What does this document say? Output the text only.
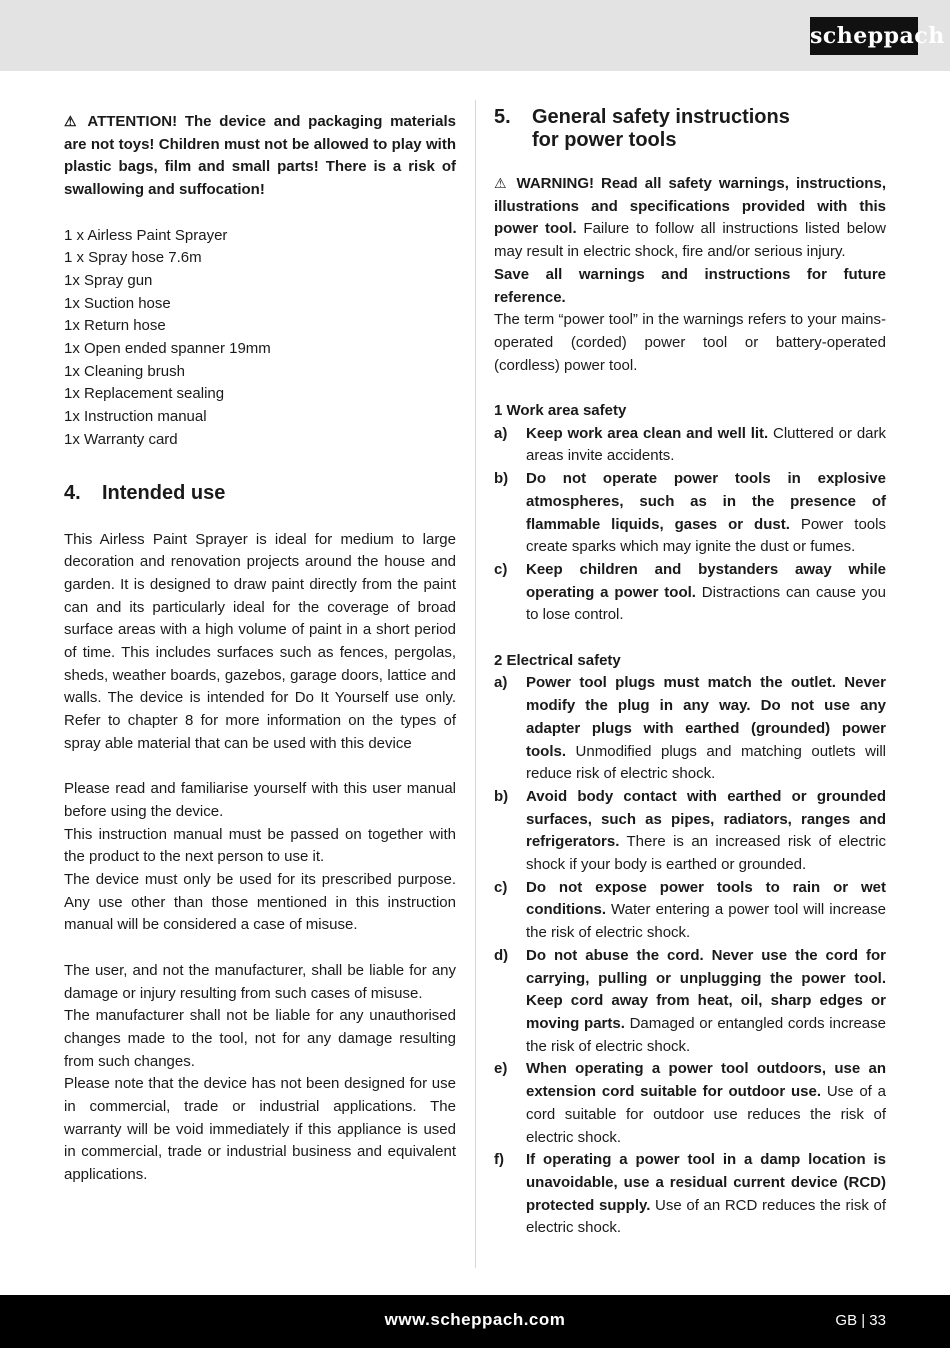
scheppach

⚠ ATTENTION! The device and packaging materials are not toys! Children must not be allowed to play with plastic bags, film and small parts! There is a risk of swallowing and suffocation!

1 x Airless Paint Sprayer
1 x Spray hose 7.6m
1x Spray gun
1x Suction hose
1x Return hose
1x Open ended spanner 19mm
1x Cleaning brush
1x Replacement sealing
1x Instruction manual
1x Warranty card
4.	Intended use

This Airless Paint Sprayer is ideal for medium to large decoration and renovation projects around the house and garden. It is designed to draw paint directly from the paint can and its particularly ideal for the coverage of broad surface areas with a high volume of paint in a short period of time. This includes surfaces such as fences, pergolas, sheds, weather boards, gazebos, garage doors, lattice and walls. The device is intended for Do It Yourself use only. Refer to chapter 8 for more information on the types of spray able material that can be used with this device

Please read and familiarise yourself with this user manual before using the device.

This instruction manual must be passed on together with the product to the next person to use it.

The device must only be used for its prescribed purpose. Any use other than those mentioned in this instruction manual will be considered a case of misuse.

The user, and not the manufacturer, shall be liable for any damage or injury resulting from such cases of misuse.

The manufacturer shall not be liable for any unauthorised changes made to the tool, not for any damage resulting from such changes.

Please note that the device has not been designed for use in commercial, trade or industrial applications. The warranty will be void immediately if this appliance is used in commercial, trade or industrial business and equivalent applications.

5.	General safety instructions
for power tools

⚠ WARNING! Read all safety warnings, instructions, illustrations and specifications provided with this power tool. Failure to follow all instructions listed below may result in electric shock, fire and/or serious injury.

Save all warnings and instructions for future reference.

The term “power tool” in the warnings refers to your mains-operated (corded) power tool or battery-operated (cordless) power tool.

1 Work area safety

a)	Keep work area clean and well lit. Cluttered or dark areas invite accidents.
b)	Do not operate power tools in explosive atmospheres, such as in the presence of flammable liquids, gases or dust. Power tools create sparks which may ignite the dust or fumes.
c)	Keep children and bystanders away while operating a power tool. Distractions can cause you to lose control.

2 Electrical safety

a)	Power tool plugs must match the outlet. Never modify the plug in any way. Do not use any adapter plugs with earthed (grounded) power tools. Unmodified plugs and matching outlets will reduce risk of electric shock.
b)	Avoid body contact with earthed or grounded surfaces, such as pipes, radiators, ranges and refrigerators. There is an increased risk of electric shock if your body is earthed or grounded.
c)	Do not expose power tools to rain or wet conditions. Water entering a power tool will increase the risk of electric shock.
d)	Do not abuse the cord. Never use the cord for carrying, pulling or unplugging the power tool. Keep cord away from heat, oil, sharp edges or moving parts. Damaged or entangled cords increase the risk of electric shock.
e)	When operating a power tool outdoors, use an extension cord suitable for outdoor use. Use of a cord suitable for outdoor use reduces the risk of electric shock.
f)	If operating a power tool in a damp location is unavoidable, use a residual current device (RCD) protected supply. Use of an RCD reduces the risk of electric shock.
www.scheppach.com	GB | 33
